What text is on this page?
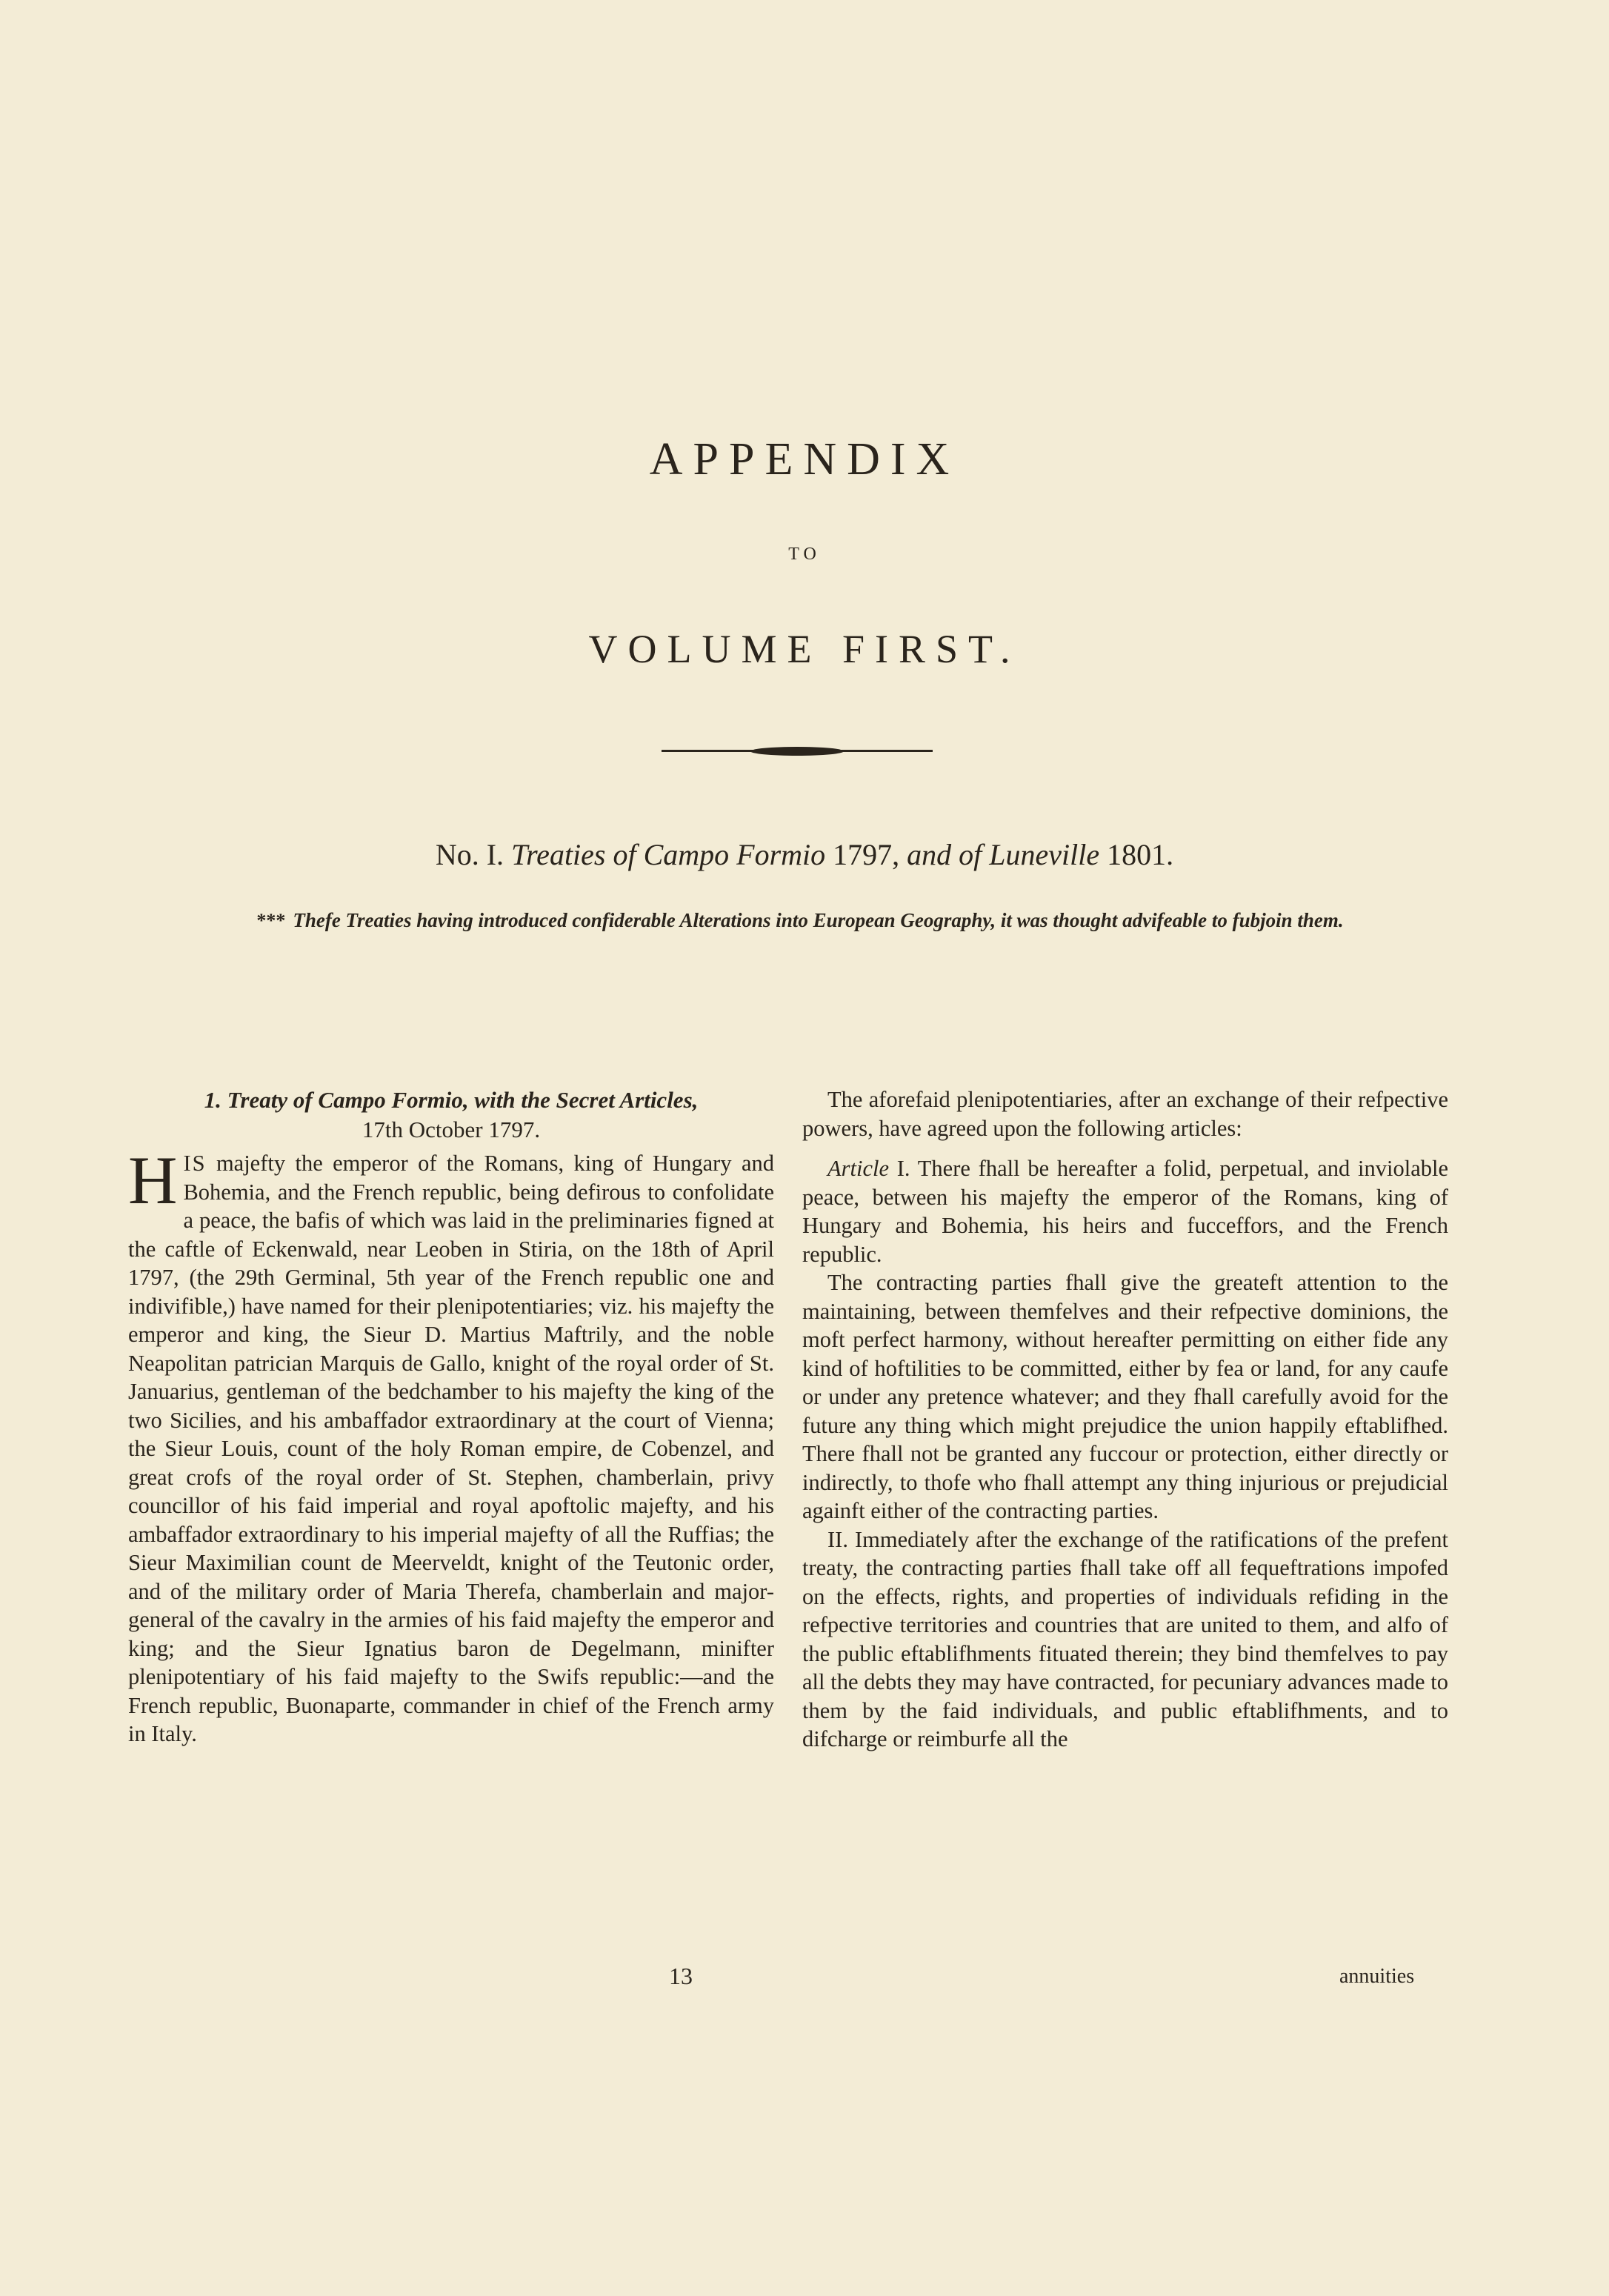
APPENDIX
TO
VOLUME FIRST.
No. I. Treaties of Campo Formio 1797, and of Luneville 1801.
*** Thefe Treaties having introduced confiderable Alterations into European Geography, it was thought advifeable to fubjoin them.

1. Treaty of Campo Formio, with the Secret Articles,
17th October 1797.

HIS majefty the emperor of the Romans, king of Hungary and Bohemia, and the French republic, being defirous to confolidate a peace, the bafis of which was laid in the preliminaries figned at the caftle of Eckenwald, near Leoben in Stiria, on the 18th of April 1797, (the 29th Germinal, 5th year of the French republic one and indivifible,) have named for their plenipotentiaries; viz. his majefty the emperor and king, the Sieur D. Martius Maftrily, and the noble Neapolitan patrician Marquis de Gallo, knight of the royal order of St. Januarius, gentleman of the bedchamber to his majefty the king of the two Sicilies, and his ambaffador extraordinary at the court of Vienna; the Sieur Louis, count of the holy Roman empire, de Cobenzel, and great crofs of the royal order of St. Stephen, chamberlain, privy councillor of his faid imperial and royal apoftolic majefty, and his ambaffador extraordinary to his imperial majefty of all the Ruffias; the Sieur Maximilian count de Meerveldt, knight of the Teutonic order, and of the military order of Maria Therefa, chamberlain and major-general of the cavalry in the armies of his faid majefty the emperor and king; and the Sieur Ignatius baron de Degelmann, minifter plenipotentiary of his faid majefty to the Swifs republic:—and the French republic, Buonaparte, commander in chief of the French army in Italy.

The aforefaid plenipotentiaries, after an exchange of their refpective powers, have agreed upon the following articles:

Article I. There fhall be hereafter a folid, perpetual, and inviolable peace, between his majefty the emperor of the Romans, king of Hungary and Bohemia, his heirs and fucceffors, and the French republic.

The contracting parties fhall give the greateft attention to the maintaining, between themfelves and their refpective dominions, the moft perfect harmony, without hereafter permitting on either fide any kind of hoftilities to be committed, either by fea or land, for any caufe or under any pretence whatever; and they fhall carefully avoid for the future any thing which might prejudice the union happily eftablifhed. There fhall not be granted any fuccour or protection, either directly or indirectly, to thofe who fhall attempt any thing injurious or prejudicial againft either of the contracting parties.

II. Immediately after the exchange of the ratifications of the prefent treaty, the contracting parties fhall take off all fequeftrations impofed on the effects, rights, and properties of individuals refiding in the refpective territories and countries that are united to them, and alfo of the public eftablifhments fituated therein; they bind themfelves to pay all the debts they may have contracted, for pecuniary advances made to them by the faid individuals, and public eftablifhments, and to difcharge or reimburfe all the

13	annuities
